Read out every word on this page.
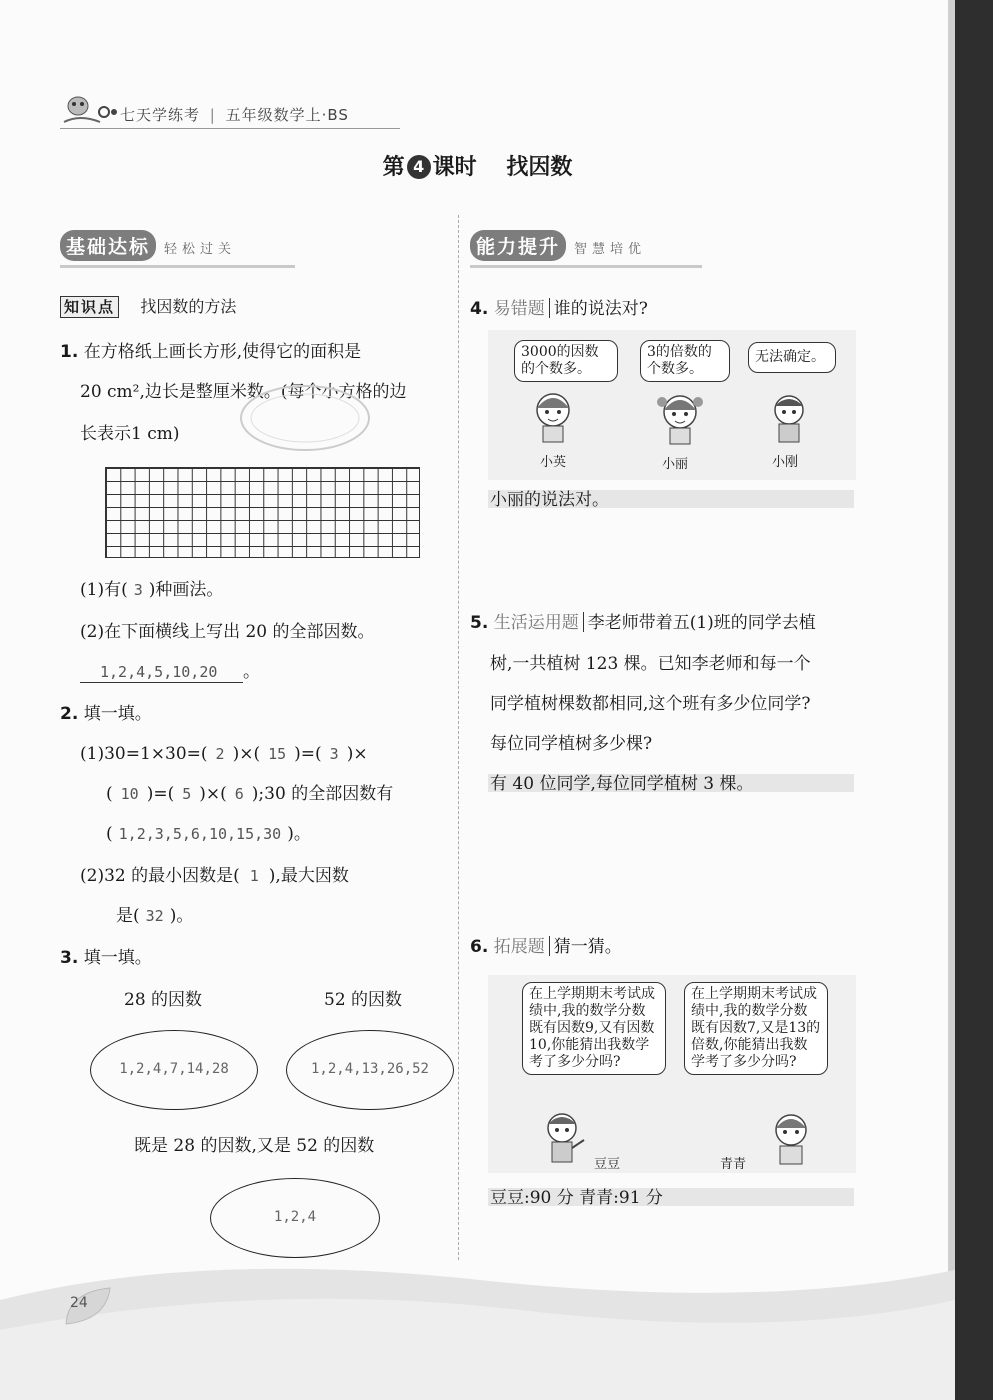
七天学练考 | 五年级数学上·BS
第 4 课时 找因数
基础达标 轻松过关
知识点 找因数的方法
1. 在方格纸上画长方形,使得它的面积是
20 cm²,边长是整厘米数。(每个小方格的边
长表示1 cm)
(1)有( 3 )种画法。
(2)在下面横线上写出 20 的全部因数。
1,2,4,5,10,20 。
2. 填一填。
(1)30=1×30=( 2 )×( 15 )=( 3 )×
( 10 )=( 5 )×( 6 );30 的全部因数有
( 1,2,3,5,6,10,15,30 )。
(2)32 的最小因数是( 1 ),最大因数
是( 32 )。
3. 填一填。
28 的因数	52 的因数
1,2,4,7,14,28	1,2,4,13,26,52
既是 28 的因数,又是 52 的因数
1,2,4
能力提升 智慧培优
4. 易错题 谁的说法对?
3000的因数的个数多。
3的倍数的个数多。
无法确定。
小英	小丽	小刚
小丽的说法对。
5. 生活运用题 李老师带着五(1)班的同学去植
树,一共植树 123 棵。已知李老师和每一个
同学植树棵数都相同,这个班有多少位同学?
每位同学植树多少棵?
有 40 位同学,每位同学植树 3 棵。
6. 拓展题 猜一猜。
在上学期期末考试成绩中,我的数学分数既有因数9,又有因数10,你能猜出我数学考了多少分吗?
在上学期期末考试成绩中,我的数学分数既有因数7,又是13的倍数,你能猜出我数学考了多少分吗?
豆豆	青青
豆豆:90 分 青青:91 分
24
